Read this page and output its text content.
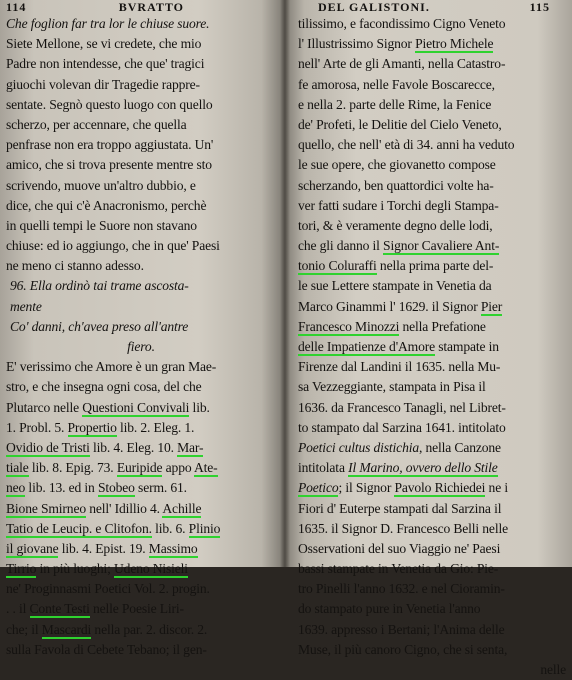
114	BVRATTO
Che foglion far tra lor le chiuse suore.
Siete Mellone, se vi credete, che mio
Padre non intendesse, che que' tragici
giuochi volevan dir Tragedie rappre-
sentate. Segnò questo luogo con quello
scherzo, per accennare, che quella
penfrase non era troppo aggiustata. Un'
amico, che si trova presente mentre sto
scrivendo, muove un'altro dubbio, e
dice, che qui c'è Anacronismo, perchè
in quelli tempi le Suore non stavano
chiuse: ed io aggiungo, che in que' Paesi
ne meno ci stanno adesso.
96. Ella ordinò tai trame ascosta-
mente
Co' danni, ch'avea preso all'antre
fiero.
E' verissimo che Amore è un gran Mae-
stro, e che insegna ogni cosa, del che
Plutarco nelle Questioni Convivali lib.
1. Probl. 5. Propertio lib. 2. Eleg. 1.
Ovidio de Tristi lib. 4. Eleg. 10. Mar-
tiale lib. 8. Epig. 73. Euripide appo Ate-
neo lib. 13. ed in Stobeo serm. 61.
Bione Smirneo nell' Idillio 4. Achille
Tatio de Leucip. e Clitofon. lib. 6. Plinio
il giovane lib. 4. Epist. 19. Massimo
Tirrio in più luoghi; Udeno Nisieli
ne' Proginnasmi Poetici Vol. 2. progin.
. . il Conte Testi nelle Poesie Liri-
che; il Mascardi nella par. 2. discor. 2.
sulla Favola di Cebete Tebano; il gen-
DEL GALISTONI.	115
tilissimo, e facondissimo Cigno Veneto
l' Illustrissimo Signor Pietro Michele
nell' Arte de gli Amanti, nella Catastro-
fe amorosa, nelle Favole Boscarecce,
e nella 2. parte delle Rime, la Fenice
de' Profeti, le Delitie del Cielo Veneto,
quello, che nell' età di 34. anni ha veduto
le sue opere, che giovanetto compose
scherzando, ben quattordici volte ha-
ver fatti sudare i Torchi degli Stampa-
tori, & è veramente degno delle lodi,
che gli danno il Signor Cavaliere Ant-
tonio Coluraffi nella prima parte del-
le sue Lettere stampate in Venetia da
Marco Ginammi l' 1629. il Signor Pier
Francesco Minozzi nella Prefatione
delle Impatienze d'Amore stampate in
Firenze dal Landini il 1635. nella Mu-
sa Vezzeggiante, stampata in Pisa il
1636. da Francesco Tanagli, nel Libret-
to stampato dal Sarzina 1641. intitolato
Poetici cultus distichia, nella Canzone
intitolata Il Marino, ovvero dello Stile
Poetico; il Signor Pavolo Richiedei ne i
Fiori d' Euterpe stampati dal Sarzina il
1635. il Signor D. Francesco Belli nelle
Osservationi del suo Viaggio ne' Paesi
bassi stampate in Venetia da Gio: Pie-
tro Pinelli l'anno 1632. e nel Cioramin-
do stampato pure in Venetia l'anno
1639. appresso i Bertani; l'Anima delle
Muse, il più canoro Cigno, che si senta,
nelle
